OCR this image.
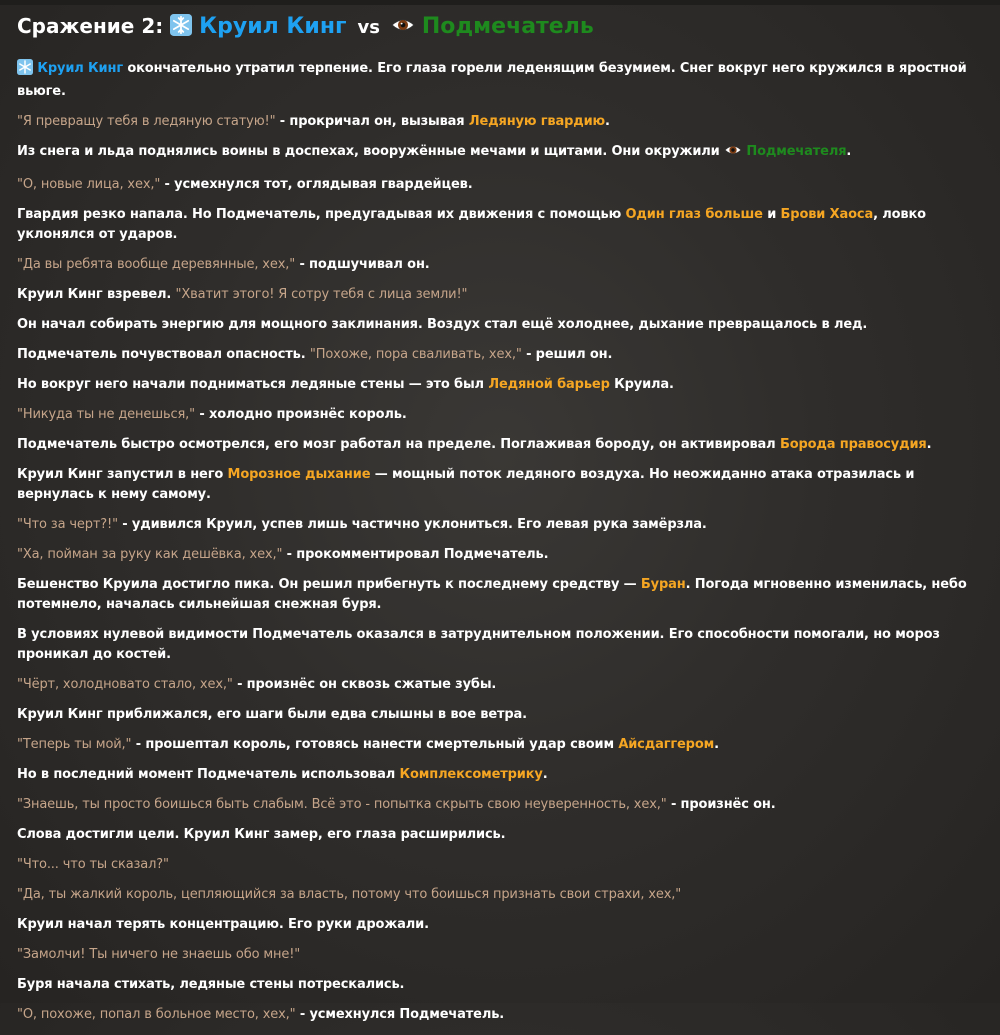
Сражение 2: Круил Кинг vs Подмечатель

Круил Кинг окончательно утратил терпение. Его глаза горели леденящим безумием. Снег вокруг него кружился в яростной вьюге.

"Я превращу тебя в ледяную статую!" - прокричал он, вызывая Ледяную гвардию.

Из снега и льда поднялись воины в доспехах, вооружённые мечами и щитами. Они окружили  Подмечателя.

"О, новые лица, хех," - усмехнулся тот, оглядывая гвардейцев.

Гвардия резко напала. Но Подмечатель, предугадывая их движения с помощью Один глаз больше и Брови Хаоса, ловко уклонялся от ударов.

"Да вы ребята вообще деревянные, хех," - подшучивал он.

Круил Кинг взревел. "Хватит этого! Я сотру тебя с лица земли!"

Он начал собирать энергию для мощного заклинания. Воздух стал ещё холоднее, дыхание превращалось в лед.

Подмечатель почувствовал опасность. "Похоже, пора сваливать, хех," - решил он.

Но вокруг него начали подниматься ледяные стены — это был Ледяной барьер Круила.

"Никуда ты не денешься," - холодно произнёс король.

Подмечатель быстро осмотрелся, его мозг работал на пределе. Поглаживая бороду, он активировал Борода правосудия.

Круил Кинг запустил в него Морозное дыхание — мощный поток ледяного воздуха. Но неожиданно атака отразилась и вернулась к нему самому.

"Что за черт?!" - удивился Круил, успев лишь частично уклониться. Его левая рука замёрзла.

"Ха, пойман за руку как дешёвка, хех," - прокомментировал Подмечатель.

Бешенство Круила достигло пика. Он решил прибегнуть к последнему средству — Буран. Погода мгновенно изменилась, небо потемнело, началась сильнейшая снежная буря.

В условиях нулевой видимости Подмечатель оказался в затруднительном положении. Его способности помогали, но мороз проникал до костей.

"Чёрт, холодновато стало, хех," - произнёс он сквозь сжатые зубы.

Круил Кинг приближался, его шаги были едва слышны в вое ветра.

"Теперь ты мой," - прошептал король, готовясь нанести смертельный удар своим Айсдаггером.

Но в последний момент Подмечатель использовал Комплексометрику.

"Знаешь, ты просто боишься быть слабым. Всё это - попытка скрыть свою неуверенность, хех," - произнёс он.

Слова достигли цели. Круил Кинг замер, его глаза расширились.

"Что... что ты сказал?"

"Да, ты жалкий король, цепляющийся за власть, потому что боишься признать свои страхи, хех,"

Круил начал терять концентрацию. Его руки дрожали.

"Замолчи! Ты ничего не знаешь обо мне!"

Буря начала стихать, ледяные стены потрескались.

"О, похоже, попал в больное место, хех," - усмехнулся Подмечатель.
